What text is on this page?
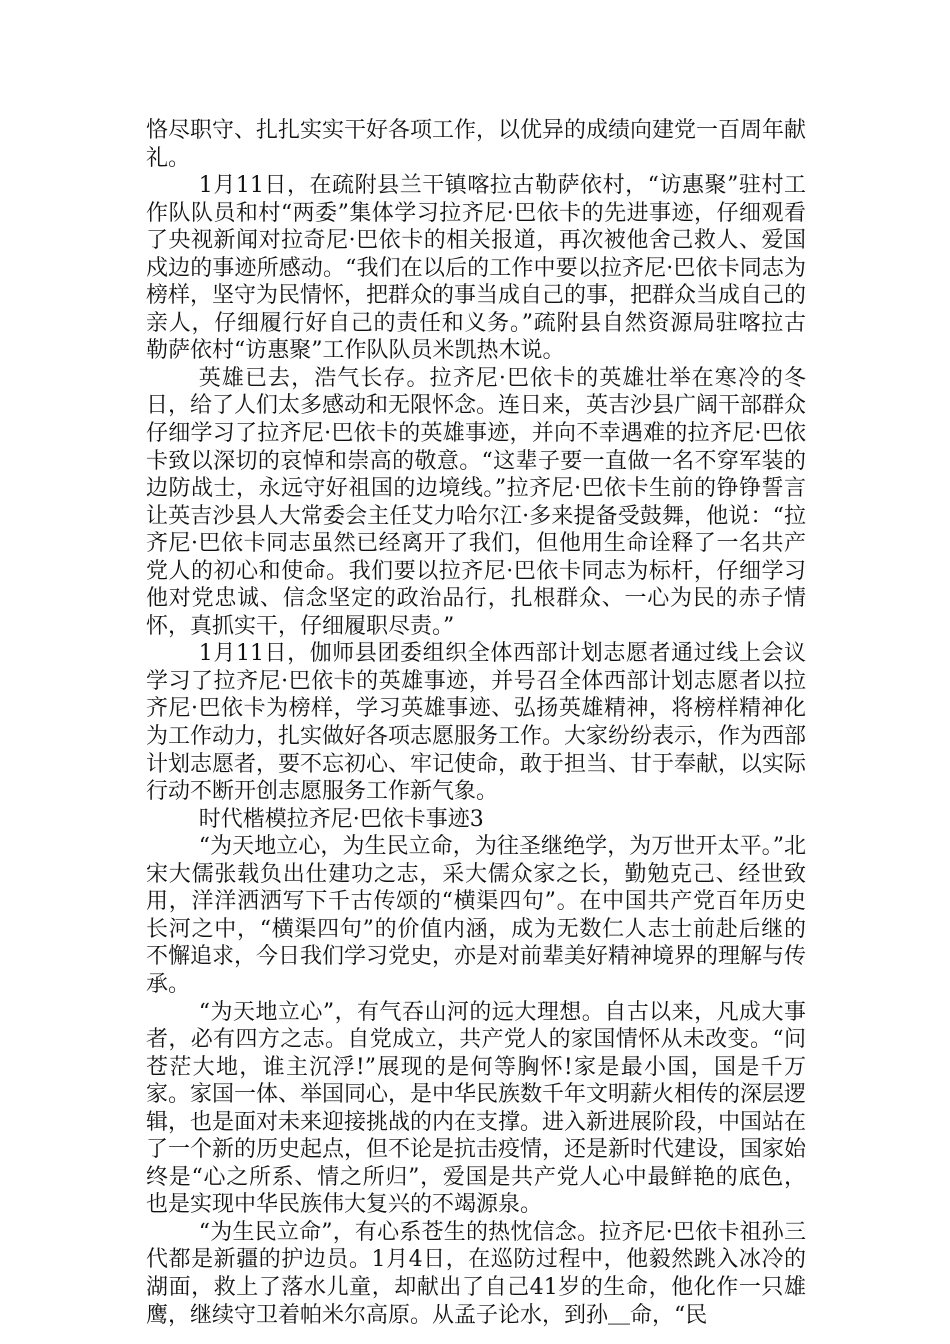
恪尽职守、扎扎实实干好各项工作，以优异的成绩向建党一百周年献礼。

1月11日，在疏附县兰干镇喀拉古勒萨依村，“访惠聚”驻村工作队队员和村“两委”集体学习拉齐尼·巴依卡的先进事迹，仔细观看了央视新闻对拉奇尼·巴依卡的相关报道，再次被他舍己救人、爱国戍边的事迹所感动。“我们在以后的工作中要以拉齐尼·巴依卡同志为榜样，坚守为民情怀，把群众的事当成自己的事，把群众当成自己的亲人，仔细履行好自己的责任和义务。”疏附县自然资源局驻喀拉古勒萨依村“访惠聚”工作队队员米凯热木说。

英雄已去，浩气长存。拉齐尼·巴依卡的英雄壮举在寒冷的冬日，给了人们太多感动和无限怀念。连日来，英吉沙县广阔干部群众仔细学习了拉齐尼·巴依卡的英雄事迹，并向不幸遇难的拉齐尼·巴依卡致以深切的哀悼和崇高的敬意。“这辈子要一直做一名不穿军装的边防战士，永远守好祖国的边境线。”拉齐尼·巴依卡生前的铮铮誓言让英吉沙县人大常委会主任艾力哈尔江·多来提备受鼓舞，他说：“拉齐尼·巴依卡同志虽然已经离开了我们，但他用生命诠释了一名共产党人的初心和使命。我们要以拉齐尼·巴依卡同志为标杆，仔细学习他对党忠诚、信念坚定的政治品行，扎根群众、一心为民的赤子情怀，真抓实干，仔细履职尽责。”

1月11日，伽师县团委组织全体西部计划志愿者通过线上会议学习了拉齐尼·巴依卡的英雄事迹，并号召全体西部计划志愿者以拉齐尼·巴依卡为榜样，学习英雄事迹、弘扬英雄精神，将榜样精神化为工作动力，扎实做好各项志愿服务工作。大家纷纷表示，作为西部计划志愿者，要不忘初心、牢记使命，敢于担当、甘于奉献，以实际行动不断开创志愿服务工作新气象。

时代楷模拉齐尼·巴依卡事迹3

“为天地立心，为生民立命，为往圣继绝学，为万世开太平。”北宋大儒张载负出仕建功之志，采大儒众家之长，勤勉克己、经世致用，洋洋洒洒写下千古传颂的“横渠四句”。在中国共产党百年历史长河之中，“横渠四句”的价值内涵，成为无数仁人志士前赴后继的不懈追求，今日我们学习党史，亦是对前辈美好精神境界的理解与传承。

“为天地立心”，有气吞山河的远大理想。自古以来，凡成大事者，必有四方之志。自党成立，共产党人的家国情怀从未改变。“问苍茫大地，谁主沉浮!”展现的是何等胸怀!家是最小国，国是千万家。家国一体、举国同心，是中华民族数千年文明薪火相传的深层逻辑，也是面对未来迎接挑战的内在支撑。进入新进展阶段，中国站在了一个新的历史起点，但不论是抗击疫情，还是新时代建设，国家始终是“心之所系、情之所归”，爱国是共产党人心中最鲜艳的底色，也是实现中华民族伟大复兴的不竭源泉。

“为生民立命”，有心系苍生的热忱信念。拉齐尼·巴依卡祖孙三代都是新疆的护边员。1月4日，在巡防过程中，他毅然跳入冰冷的湖面，救上了落水儿童，却献出了自己41岁的生命，他化作一只雄鹰，继续守卫着帕米尔高原。从孟子论水，到孙＿命，“民
